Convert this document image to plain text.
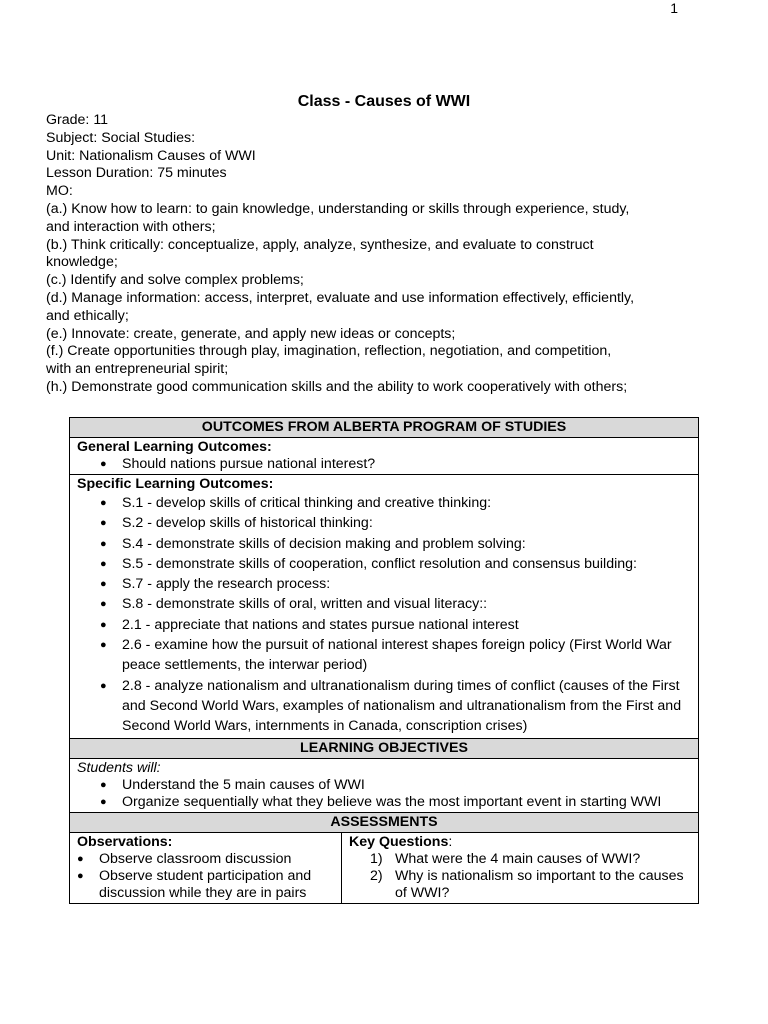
1
Class - Causes of WWI
Grade: 11
Subject: Social Studies:
Unit: Nationalism Causes of WWI
Lesson Duration: 75 minutes
MO:
(a.) Know how to learn: to gain knowledge, understanding or skills through experience, study,
and interaction with others;
(b.) Think critically: conceptualize, apply, analyze, synthesize, and evaluate to construct
knowledge;
(c.) Identify and solve complex problems;
(d.) Manage information: access, interpret, evaluate and use information effectively, efficiently,
and ethically;
(e.) Innovate: create, generate, and apply new ideas or concepts;
(f.) Create opportunities through play, imagination, reflection, negotiation, and competition,
with an entrepreneurial spirit;
(h.) Demonstrate good communication skills and the ability to work cooperatively with others;
OUTCOMES FROM ALBERTA PROGRAM OF STUDIES

General Learning Outcomes:
● Should nations pursue national interest?

Specific Learning Outcomes:
● S.1 - develop skills of critical thinking and creative thinking:
● S.2 - develop skills of historical thinking:
● S.4 - demonstrate skills of decision making and problem solving:
● S.5 - demonstrate skills of cooperation, conflict resolution and consensus building:
● S.7 - apply the research process:
● S.8 - demonstrate skills of oral, written and visual literacy::
● 2.1 - appreciate that nations and states pursue national interest
● 2.6 - examine how the pursuit of national interest shapes foreign policy (First World War peace settlements, the interwar period)
● 2.8 - analyze nationalism and ultranationalism during times of conflict (causes of the First and Second World Wars, examples of nationalism and ultranationalism from the First and Second World Wars, internments in Canada, conscription crises)

LEARNING OBJECTIVES

Students will:
● Understand the 5 main causes of WWI
● Organize sequentially what they believe was the most important event in starting WWI

ASSESSMENTS

Observations:
● Observe classroom discussion
● Observe student participation and discussion while they are in pairs

Key Questions:
1) What were the 4 main causes of WWI?
2) Why is nationalism so important to the causes of WWI?
